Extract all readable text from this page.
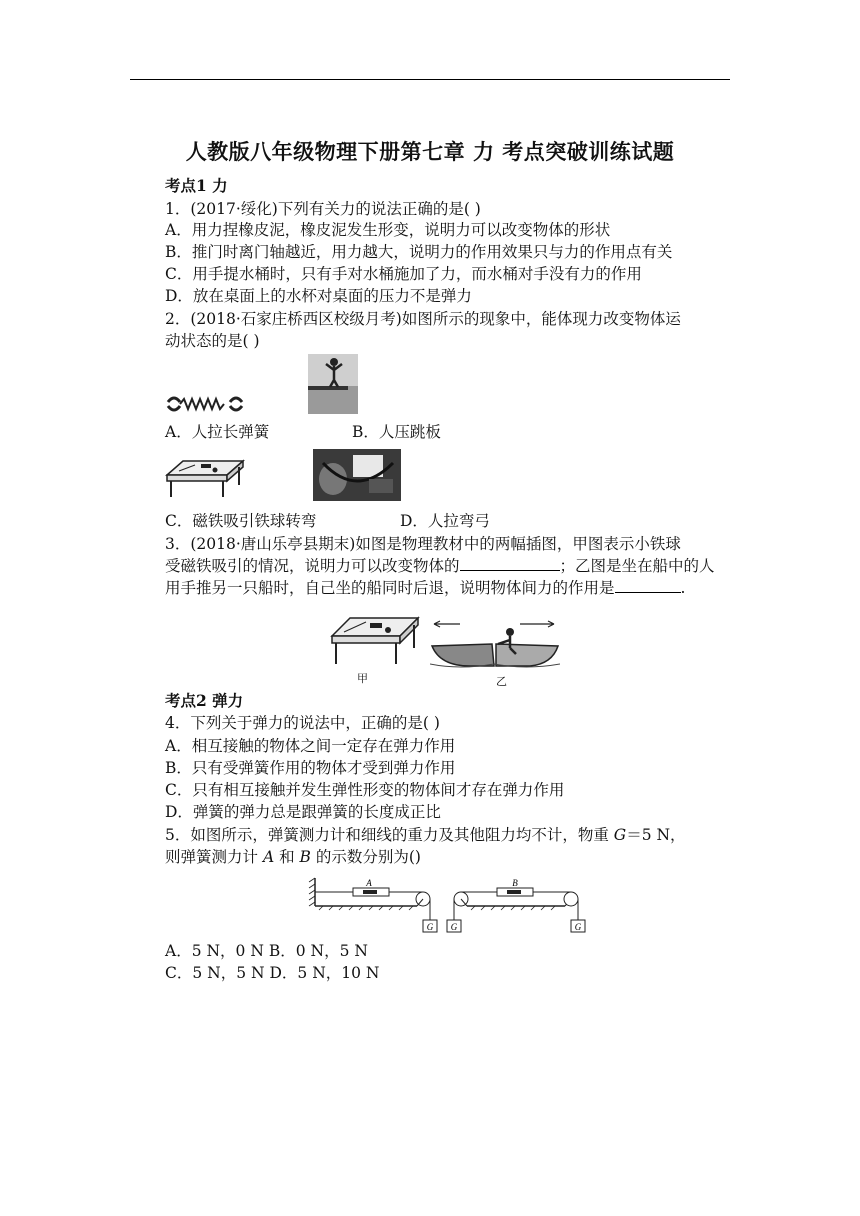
人教版八年级物理下册第七章 力 考点突破训练试题
考点1 力
1．(2017·绥化)下列有关力的说法正确的是( )
A．用力捏橡皮泥，橡皮泥发生形变，说明力可以改变物体的形状
B．推门时离门轴越近，用力越大，说明力的作用效果只与力的作用点有关
C．用手提水桶时，只有手对水桶施加了力，而水桶对手没有力的作用
D．放在桌面上的水杯对桌面的压力不是弹力
2．(2018·石家庄桥西区校级月考)如图所示的现象中，能体现力改变物体运
动状态的是( )
A．人拉长弹簧	B．人压跳板
C．磁铁吸引铁球转弯	D．人拉弯弓
3．(2018·唐山乐亭县期末)如图是物理教材中的两幅插图，甲图表示小铁球
受磁铁吸引的情况，说明力可以改变物体的	；乙图是坐在船中的人
用手推另一只船时，自己坐的船同时后退，说明物体间力的作用是	.
甲	乙
考点2 弹力
4．下列关于弹力的说法中，正确的是( )
A．相互接触的物体之间一定存在弹力作用
B．只有受弹簧作用的物体才受到弹力作用
C．只有相互接触并发生弹性形变的物体间才存在弹力作用
D．弹簧的弹力总是跟弹簧的长度成正比
5．如图所示，弹簧测力计和细线的重力及其他阻力均不计，物重 G＝5 N，
则弹簧测力计 A 和 B 的示数分别为()
A
G G
B
G
A．5 N，0 N B．0 N，5 N
C．5 N，5 N D．5 N，10 N
